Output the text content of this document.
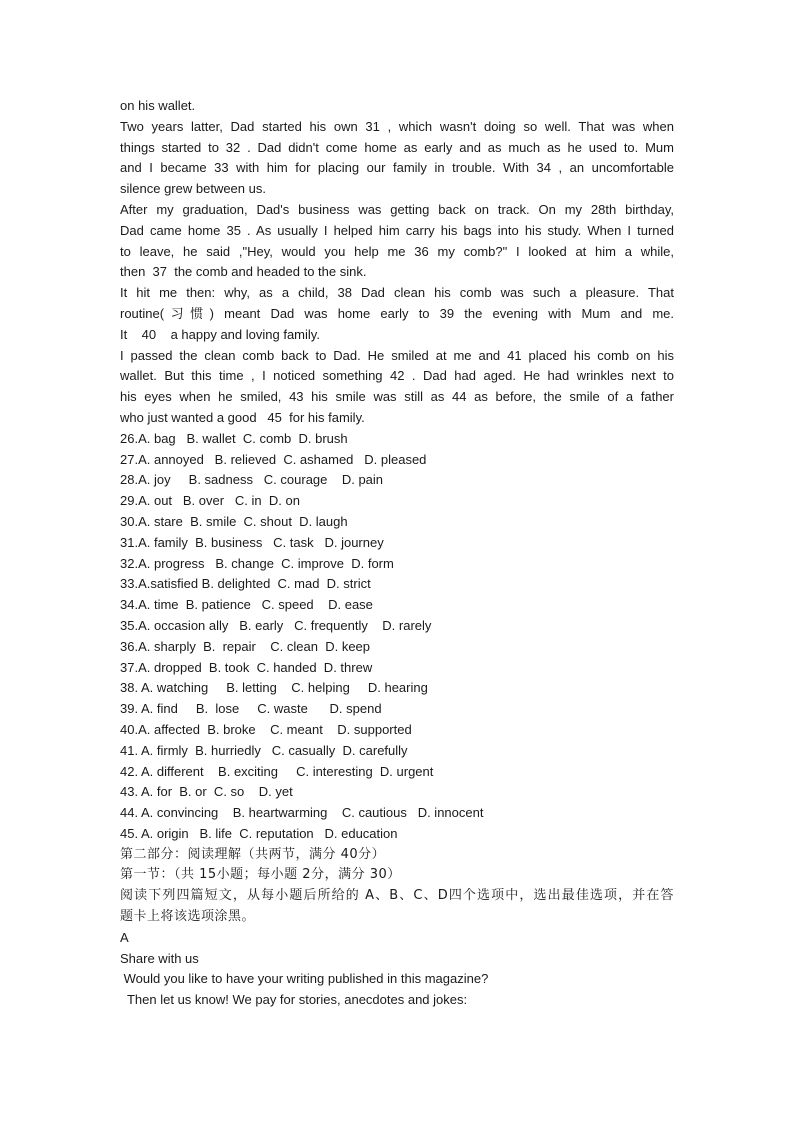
on his wallet.
Two years latter, Dad started his own 31 , which wasn't doing so well. That was when
things started to 32 . Dad didn't come home as early and as much as he used to. Mum
and I became 33 with him for placing our family in trouble. With 34 , an uncomfortable
silence grew between us.
After my graduation, Dad's business was getting back on track. On my 28th birthday,
Dad came home 35 . As usually I helped him carry his bags into his study. When I turned
to leave, he said ,"Hey, would you help me 36 my comb?" I looked at him a while,
then  37  the comb and headed to the sink.
It hit me then: why, as a child, 38 Dad clean his comb was such a pleasure. That
routine(习惯) meant Dad was home early to 39 the evening with Mum and me.
It    40    a happy and loving family.
I passed the clean comb back to Dad. He smiled at me and 41 placed his comb on his
wallet. But this time , I noticed something 42 . Dad had aged. He had wrinkles next to
his eyes when he smiled, 43 his smile was still as 44 as before, the smile of a father
who just wanted a good   45  for his family.
26.A. bag   B. wallet  C. comb  D. brush
27.A. annoyed   B. relieved  C. ashamed   D. pleased
28.A. joy     B. sadness   C. courage    D. pain
29.A. out   B. over   C. in  D. on
30.A. stare  B. smile  C. shout  D. laugh
31.A. family  B. business   C. task   D. journey
32.A. progress   B. change  C. improve  D. form
33.A.satisfied B. delighted  C. mad  D. strict
34.A. time  B. patience   C. speed    D. ease
35.A. occasion ally   B. early   C. frequently    D. rarely
36.A. sharply  B.  repair    C. clean  D. keep
37.A. dropped  B. took  C. handed  D. threw
38. A. watching     B. letting    C. helping     D. hearing
39. A. find     B.  lose     C. waste      D. spend
40.A. affected  B. broke    C. meant    D. supported
41. A. firmly  B. hurriedly   C. casually  D. carefully
42. A. different    B. exciting     C. interesting  D. urgent
43. A. for  B. or  C. so    D. yet
44. A. convincing    B. heartwarming    C. cautious   D. innocent
45. A. origin   B. life  C. reputation   D. education
第二部分：阅读理解（共两节，满分 40分）
第一节：（共 15小题；每小题 2分，满分 30）
阅读下列四篇短文，从每小题后所给的 A、B、C、D四个选项中，选出最佳选项，并在答
题卡上将该选项涂黑。
A
Share with us
Would you like to have your writing published in this magazine?
Then let us know! We pay for stories, anecdotes and jokes:
